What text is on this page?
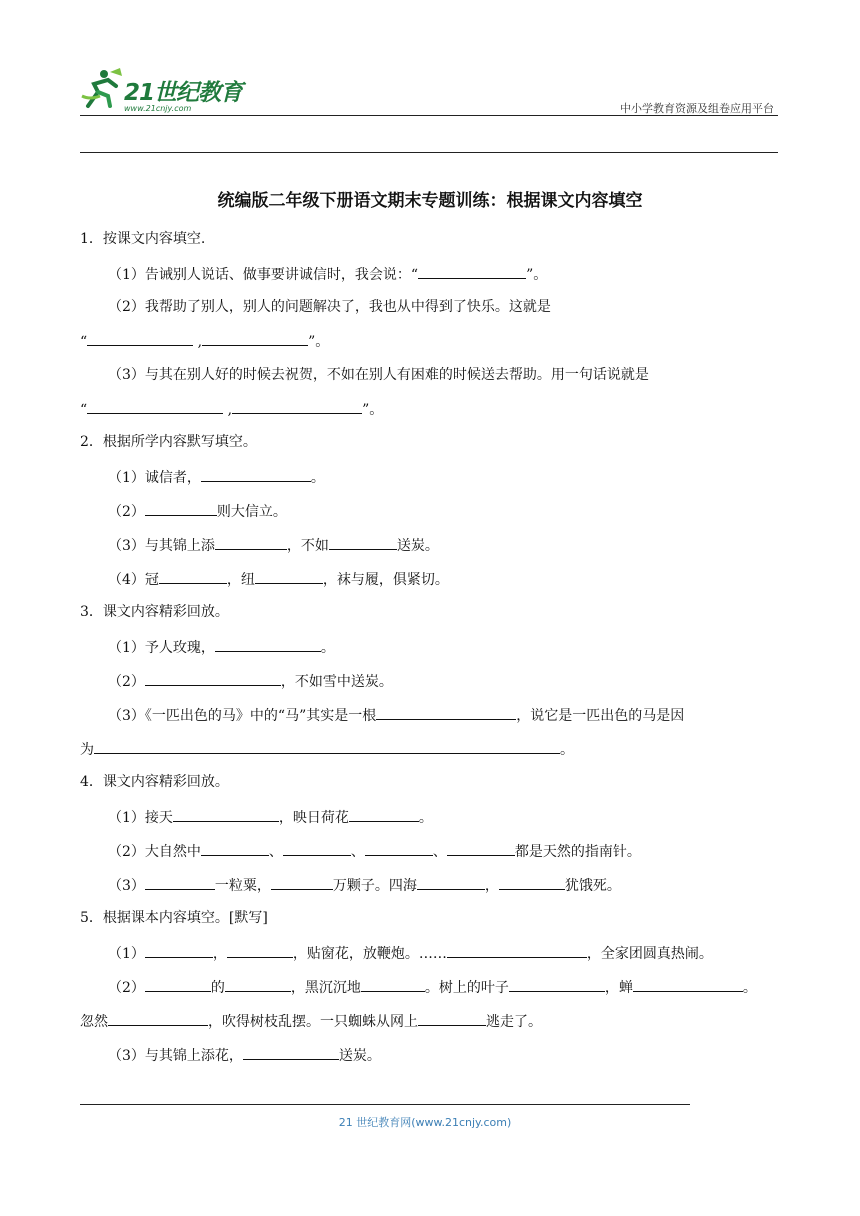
21世纪教育
www.21cnjy.com	中小学教育资源及组卷应用平台
统编版二年级下册语文期末专题训练：根据课文内容填空
1．按课文内容填空.
（1）告诫别人说话、做事要讲诚信时，我会说：“	”。
（2）我帮助了别人，别人的问题解决了，我也从中得到了快乐。这就是
“	,	”。
（3）与其在别人好的时候去祝贺，不如在别人有困难的时候送去帮助。用一句话说就是
“	,	”。
2．根据所学内容默写填空。
（1）诚信者，	。
（2）	则大信立。
（3）与其锦上添	，不如	送炭。
（4）冠	，纽	，袜与履，俱紧切。
3．课文内容精彩回放。
（1）予人玫瑰，	。
（2）	，不如雪中送炭。
（3）《一匹出色的马》中的“马”其实是一根	，说它是一匹出色的马是因
为	。
4．课文内容精彩回放。
（1）接天	，映日荷花	。
（2）大自然中	、	、	、	都是天然的指南针。
（3）	一粒粟，	万颗子。四海	，	犹饿死。
5．根据课本内容填空。[默写]
（1）	，	，贴窗花，放鞭炮。……	，全家团圆真热闹。
（2）	的	，黑沉沉地	。树上的叶子	，蝉	。
忽然	，吹得树枝乱摆。一只蜘蛛从网上	逃走了。
（3）与其锦上添花，	送炭。
21 世纪教育网(www.21cnjy.com)
